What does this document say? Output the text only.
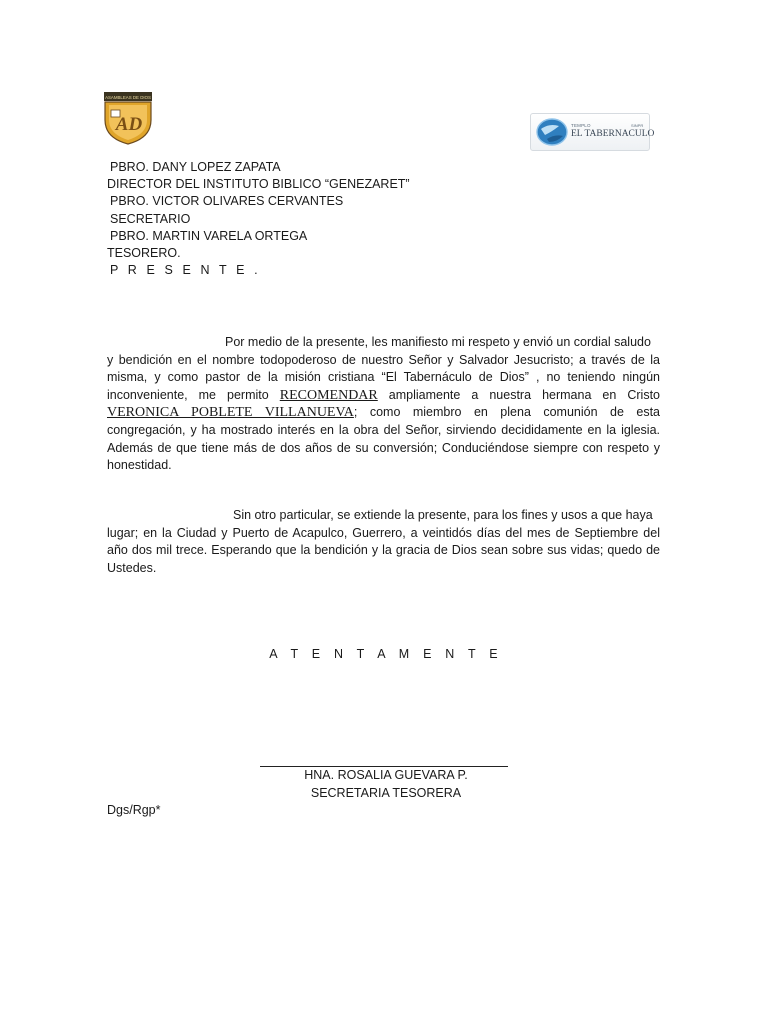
ASAMBLEAS DE DIOS
AD	TEMPLO	SINPR
EL TABERNACULO
PBRO. DANY LOPEZ ZAPATA
DIRECTOR DEL INSTITUTO BIBLICO “GENEZARET”
PBRO. VICTOR OLIVARES CERVANTES
SECRETARIO
PBRO. MARTIN VARELA ORTEGA
TESORERO.
P R E S E N T E .
Por medio de la presente, les manifiesto mi respeto y envió un cordial saludo
y bendición en el nombre todopoderoso de nuestro Señor y Salvador Jesucristo; a través de la
misma, y como pastor de la misión cristiana “El Tabernáculo de Dios” , no teniendo ningún
inconveniente, me permito RECOMENDAR ampliamente a nuestra hermana en Cristo
VERONICA POBLETE VILLANUEVA; como miembro en plena comunión de esta
congregación, y ha mostrado interés en la obra del Señor, sirviendo decididamente en la iglesia.
Además de que tiene más de dos años de su conversión; Conduciéndose siempre con respeto y
honestidad.
Sin otro particular, se extiende la presente, para los fines y usos a que haya
lugar; en la Ciudad y Puerto de Acapulco, Guerrero, a veintidós días del mes de Septiembre del
año dos mil trece. Esperando que la bendición y la gracia de Dios sean sobre sus vidas; quedo de
Ustedes.
A T E N T A M E N T E
HNA. ROSALIA GUEVARA P.
SECRETARIA TESORERA
Dgs/Rgp*
